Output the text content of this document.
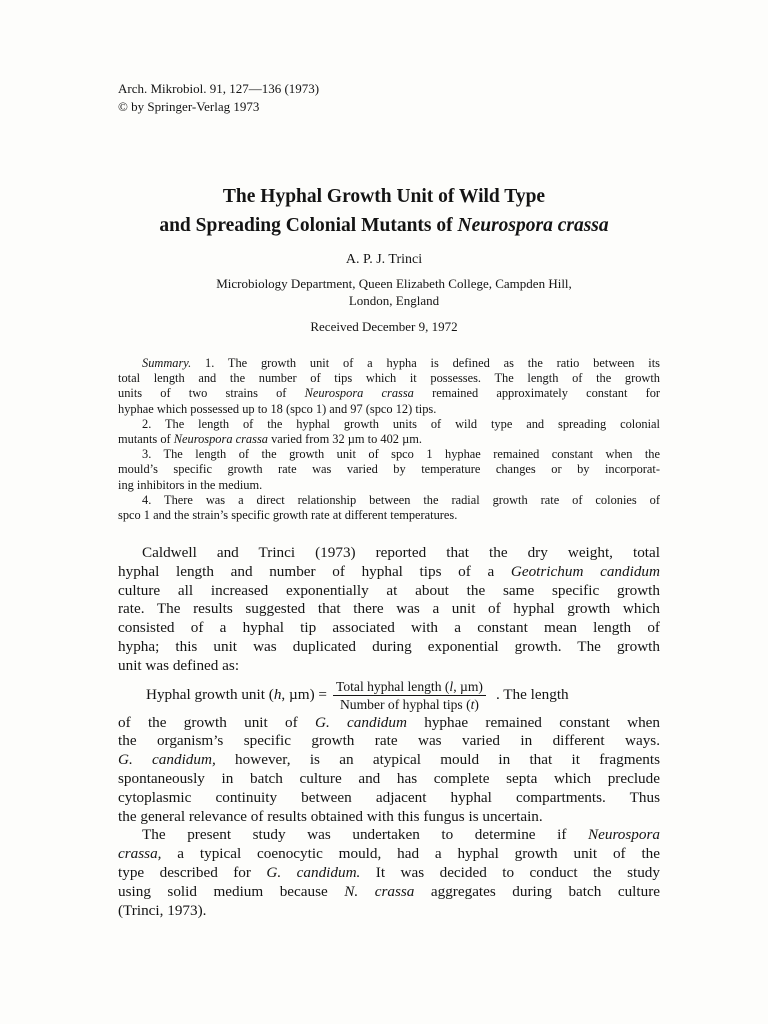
Arch. Mikrobiol. 91, 127—136 (1973)
© by Springer-Verlag 1973
The Hyphal Growth Unit of Wild Type
and Spreading Colonial Mutants of Neurospora crassa
A. P. J. Trinci
Microbiology Department, Queen Elizabeth College, Campden Hill,
London, England
Received December 9, 1972
Summary. 1. The growth unit of a hypha is defined as the ratio between its
total length and the number of tips which it possesses. The length of the growth
units of two strains of Neurospora crassa remained approximately constant for
hyphae which possessed up to 18 (spco 1) and 97 (spco 12) tips.
2. The length of the hyphal growth units of wild type and spreading colonial
mutants of Neurospora crassa varied from 32 µm to 402 µm.
3. The length of the growth unit of spco 1 hyphae remained constant when the
mould’s specific growth rate was varied by temperature changes or by incorporat-
ing inhibitors in the medium.
4. There was a direct relationship between the radial growth rate of colonies of
spco 1 and the strain’s specific growth rate at different temperatures.
Caldwell and Trinci (1973) reported that the dry weight, total
hyphal length and number of hyphal tips of a Geotrichum candidum
culture all increased exponentially at about the same specific growth
rate. The results suggested that there was a unit of hyphal growth which
consisted of a hyphal tip associated with a constant mean length of
hypha; this unit was duplicated during exponential growth. The growth
unit was defined as:
Hyphal growth unit (h, $\mu m) = \frac{\text{Total hyphal length (l, µm)}}{\text{Number of hyphal tips (t)}}$ . The length
of the growth unit of G. candidum hyphae remained constant when
the organism’s specific growth rate was varied in different ways.
G. candidum, however, is an atypical mould in that it fragments
spontaneously in batch culture and has complete septa which preclude
cytoplasmic continuity between adjacent hyphal compartments. Thus
the general relevance of results obtained with this fungus is uncertain.
The present study was undertaken to determine if Neurospora
crassa, a typical coenocytic mould, had a hyphal growth unit of the
type described for G. candidum. It was decided to conduct the study
using solid medium because N. crassa aggregates during batch culture
(Trinci, 1973).
